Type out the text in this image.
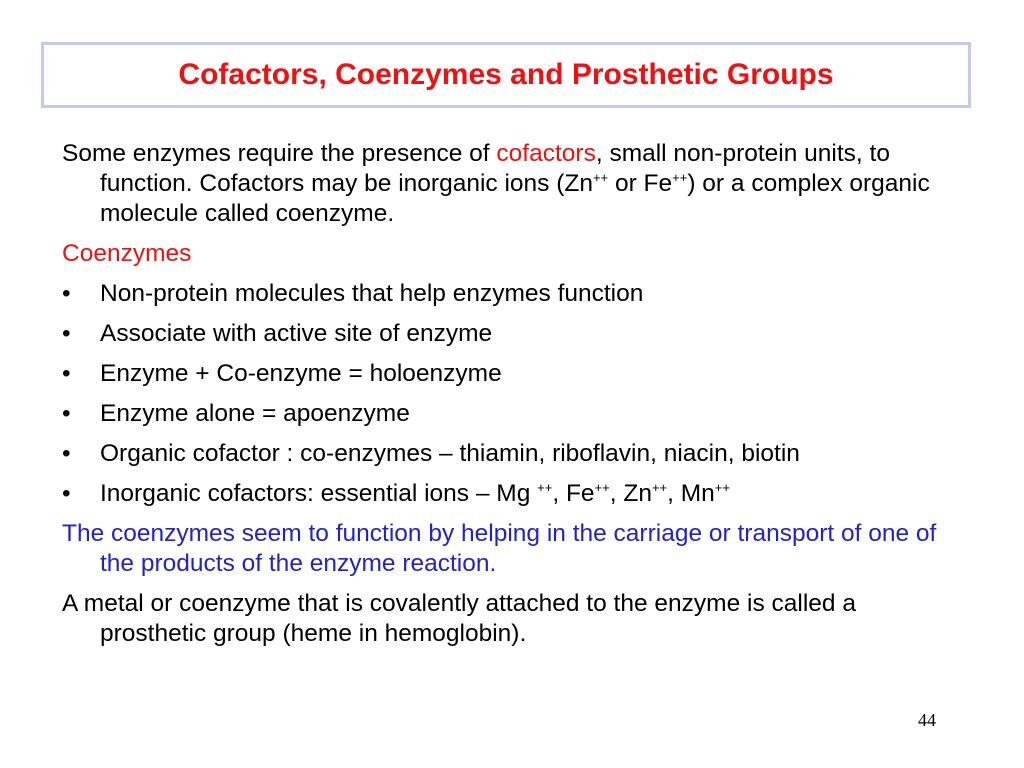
Cofactors, Coenzymes and Prosthetic Groups

Some enzymes require the presence of cofactors, small non-protein units, to function. Cofactors may be inorganic ions (Zn++ or Fe++) or a complex organic molecule called coenzyme.

Coenzymes

• Non-protein molecules that help enzymes function
• Associate with active site of enzyme
• Enzyme + Co-enzyme = holoenzyme
• Enzyme alone = apoenzyme
• Organic cofactor : co-enzymes – thiamin, riboflavin, niacin, biotin
• Inorganic cofactors: essential ions – Mg ++, Fe++, Zn++, Mn++

The coenzymes seem to function by helping in the carriage or transport of one of the products of the enzyme reaction.

A metal or coenzyme that is covalently attached to the enzyme is called a prosthetic group (heme in hemoglobin).

44
